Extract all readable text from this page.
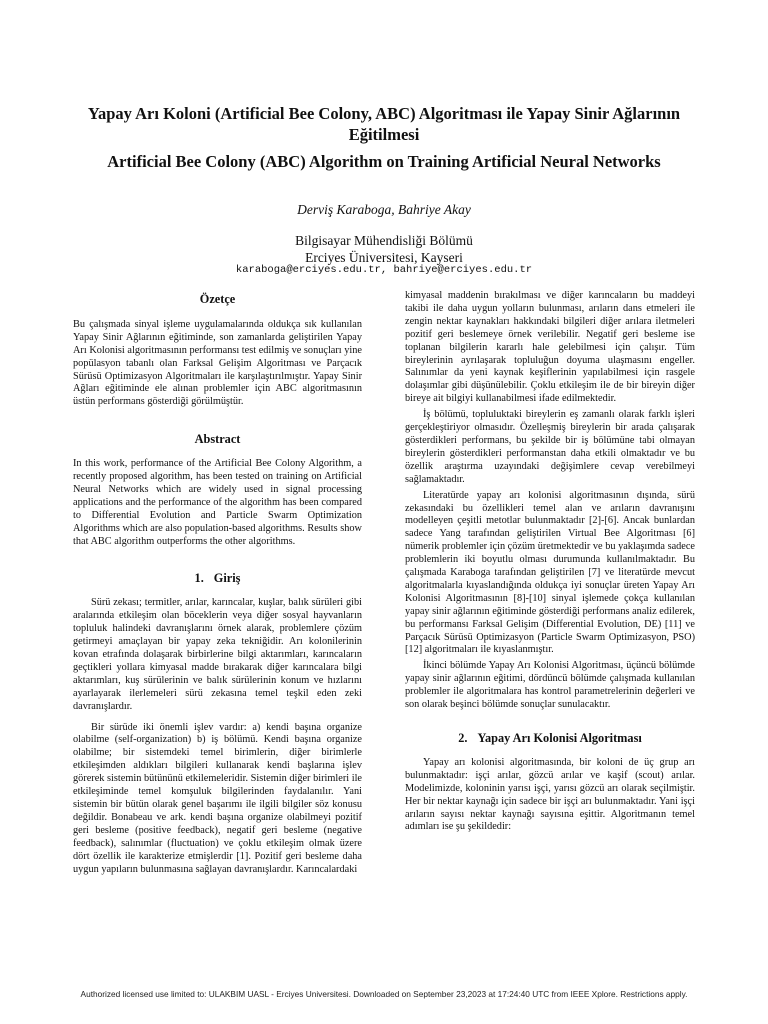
Yapay Arı Koloni (Artificial Bee Colony, ABC) Algoritması ile Yapay Sinir Ağlarının Eğitilmesi
Artificial Bee Colony (ABC) Algorithm on Training Artificial Neural Networks

Derviş Karaboga, Bahriye Akay

Bilgisayar Mühendisliği Bölümü
Erciyes Üniversitesi, Kayseri

karaboga@erciyes.edu.tr, bahriye@erciyes.edu.tr

Özetçe

Bu çalışmada sinyal işleme uygulamalarında oldukça sık kullanılan Yapay Sinir Ağlarının eğitiminde, son zamanlarda geliştirilen Yapay Arı Kolonisi algoritmasının performansı test edilmiş ve sonuçları yine popülasyon tabanlı olan Farksal Gelişim Algoritması ve Parçacık Sürüsü Optimizasyon Algoritmaları ile karşılaştırılmıştır. Yapay Sinir Ağları eğitiminde ele alınan problemler için ABC algoritmasının üstün performans gösterdiği görülmüştür.

Abstract

In this work, performance of the Artificial Bee Colony Algorithm, a recently proposed algorithm, has been tested on training on Artificial Neural Networks which are widely used in signal processing applications and the performance of the algorithm has been compared to Differential Evolution and Particle Swarm Optimization Algorithms which are also population-based algorithms. Results show that ABC algorithm outperforms the other algorithms.

1. Giriş

Sürü zekası; termitler, arılar, karıncalar, kuşlar, balık sürüleri gibi aralarında etkileşim olan böceklerin veya diğer sosyal hayvanların topluluk halindeki davranışlarını örnek alarak, problemlere çözüm getirmeyi amaçlayan bir yapay zeka tekniğidir. Arı kolonilerinin kovan etrafında dolaşarak birbirlerine bilgi aktarımları, karıncaların geçtikleri yollara kimyasal madde bırakarak diğer karıncalara bilgi aktarımları, kuş sürülerinin ve balık sürülerinin konum ve hızlarını ayarlayarak ilerlemeleri sürü zekasına temel teşkil eden zeki davranışlardır.

Bir sürüde iki önemli işlev vardır: a) kendi başına organize olabilme (self-organization) b) iş bölümü. Kendi başına organize olabilme; bir sistemdeki temel birimlerin, diğer birimlerle etkileşimden aldıkları bilgileri kullanarak kendi başlarına işlev görerek sistemin bütününü etkilemeleridir. Sistemin diğer birimleri ile etkileşiminde temel komşuluk bilgilerinden faydalanılır. Yani sistemin bir bütün olarak genel başarımı ile ilgili bilgiler söz konusu değildir. Bonabeau ve ark. kendi başına organize olabilmeyi pozitif geri besleme (positive feedback), negatif geri besleme (negative feedback), salınımlar (fluctuation) ve çoklu etkileşim olmak üzere dört özellik ile karakterize etmişlerdir [1]. Pozitif geri besleme daha uygun yapıların bulunmasına sağlayan davranışlardır. Karıncalardaki

kimyasal maddenin bırakılması ve diğer karıncaların bu maddeyi takibi ile daha uygun yolların bulunması, arıların dans etmeleri ile zengin nektar kaynakları hakkındaki bilgileri diğer arılara iletmeleri pozitif geri beslemeye örnek verilebilir. Negatif geri besleme ise toplanan bilgilerin kararlı hale gelebilmesi için çalışır. Tüm bireylerinin ayrılaşarak topluluğun doyuma ulaşmasını engeller. Salınımlar da yeni kaynak keşiflerinin yapılabilmesi için rasgele dolaşımlar gibi düşünülebilir. Çoklu etkileşim ile de bir bireyin diğer bireye ait bilgiyi kullanabilmesi ifade edilmektedir.

İş bölümü, topluluktaki bireylerin eş zamanlı olarak farklı işleri gerçekleştiriyor olmasıdır. Özelleşmiş bireylerin bir arada çalışarak gösterdikleri performans, bu şekilde bir iş bölümüne tabi olmayan bireylerin gösterdikleri performanstan daha etkili olmaktadır ve bu özellik araştırma uzayındaki değişimlere cevap verebilmeyi sağlamaktadır.

Literatürde yapay arı kolonisi algoritmasının dışında, sürü zekasındaki bu özellikleri temel alan ve arıların davranışını modelleyen çeşitli metotlar bulunmaktadır [2]-[6]. Ancak bunlardan sadece Yang tarafından geliştirilen Virtual Bee Algoritması [6] nümerik problemler için çözüm üretmektedir ve bu yaklaşımda sadece problemlerin iki boyutlu olması durumunda kullanılmaktadır. Bu çalışmada Karaboga tarafından geliştirilen [7] ve literatürde mevcut algoritmalarla kıyaslandığında oldukça iyi sonuçlar üreten Yapay Arı Kolonisi Algoritmasının [8]-[10] sinyal işlemede çokça kullanılan yapay sinir ağlarının eğitiminde gösterdiği performans analiz edilerek, bu performansı Farksal Gelişim (Differential Evolution, DE) [11] ve Parçacık Sürüsü Optimizasyon (Particle Swarm Optimizasyon, PSO) [12] algoritmaları ile kıyaslanmıştır.

İkinci bölümde Yapay Arı Kolonisi Algoritması, üçüncü bölümde yapay sinir ağlarının eğitimi, dördüncü bölümde çalışmada kullanılan problemler ile algoritmalara has kontrol parametrelerinin değerleri ve son olarak beşinci bölümde sonuçlar sunulacaktır.

2. Yapay Arı Kolonisi Algoritması

Yapay arı kolonisi algoritmasında, bir koloni de üç grup arı bulunmaktadır: işçi arılar, gözcü arılar ve kaşif (scout) arılar. Modelimizde, koloninin yarısı işçi, yarısı gözcü arı olarak seçilmiştir. Her bir nektar kaynağı için sadece bir işçi arı bulunmaktadır. Yani işçi arıların sayısı nektar kaynağı sayısına eşittir. Algoritmanın temel adımları ise şu şekildedir:

Authorized licensed use limited to: ULAKBIM UASL - Erciyes Universitesi. Downloaded on September 23,2023 at 17:24:40 UTC from IEEE Xplore. Restrictions apply.
